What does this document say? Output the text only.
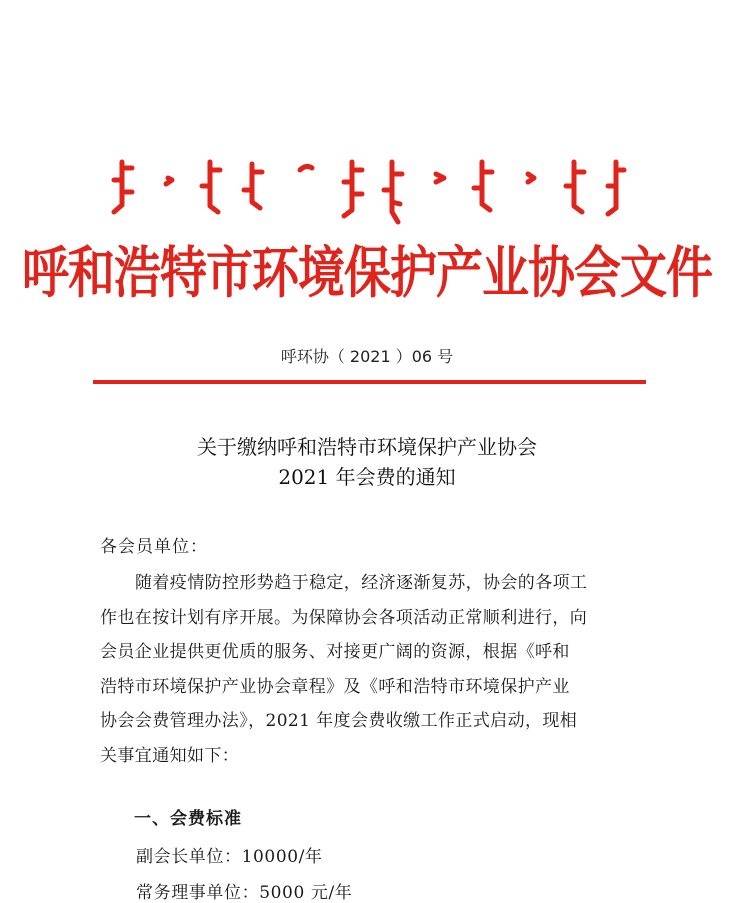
呼和浩特市环境保护产业协会文件
呼环协（ 2021 ）06 号
关于缴纳呼和浩特市环境保护产业协会
2021 年会费的通知
各会员单位：
随着疫情防控形势趋于稳定，经济逐渐复苏，协会的各项工
作也在按计划有序开展。为保障协会各项活动正常顺利进行，向
会员企业提供更优质的服务、对接更广阔的资源，根据《呼和
浩特市环境保护产业协会章程》及《呼和浩特市环境保护产业
协会会费管理办法》，2021 年度会费收缴工作正式启动，现相
关事宜通知如下：
一、会费标准
副会长单位：10000/年
常务理事单位：5000 元/年
